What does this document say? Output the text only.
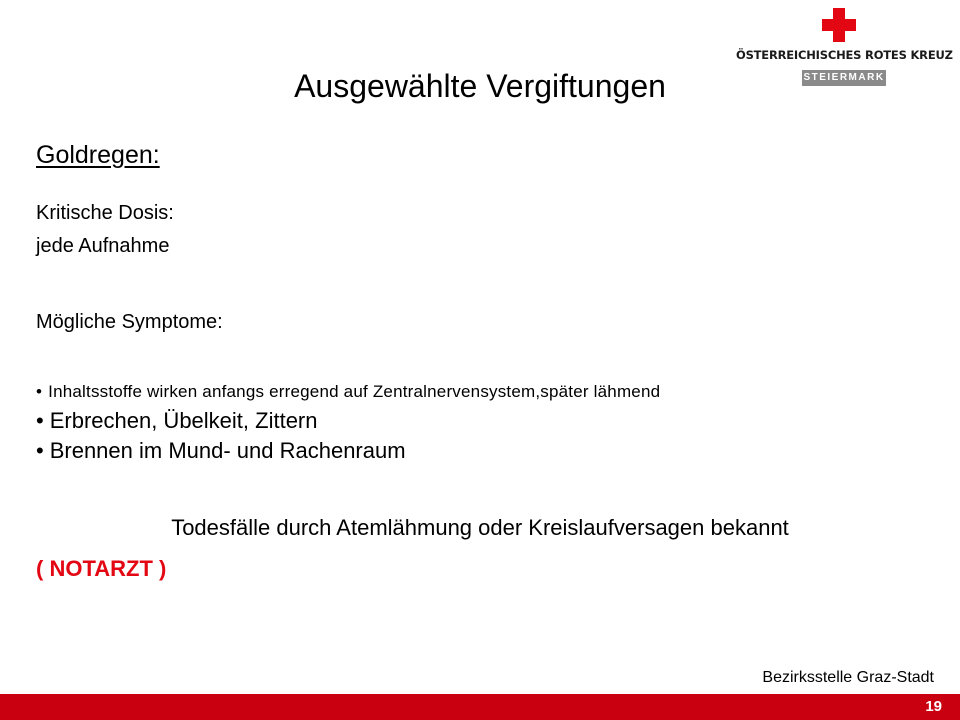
ÖSTERREICHISCHES ROTES KREUZ
STEIERMARK
Ausgewählte Vergiftungen
Goldregen:
Kritische Dosis:
jede Aufnahme
Mögliche Symptome:
• Inhaltsstoffe wirken anfangs erregend auf Zentralnervensystem,später lähmend
• Erbrechen, Übelkeit, Zittern
• Brennen im Mund- und Rachenraum
Todesfälle durch Atemlähmung oder Kreislaufversagen bekannt
( NOTARZT )
Bezirksstelle Graz-Stadt
19
